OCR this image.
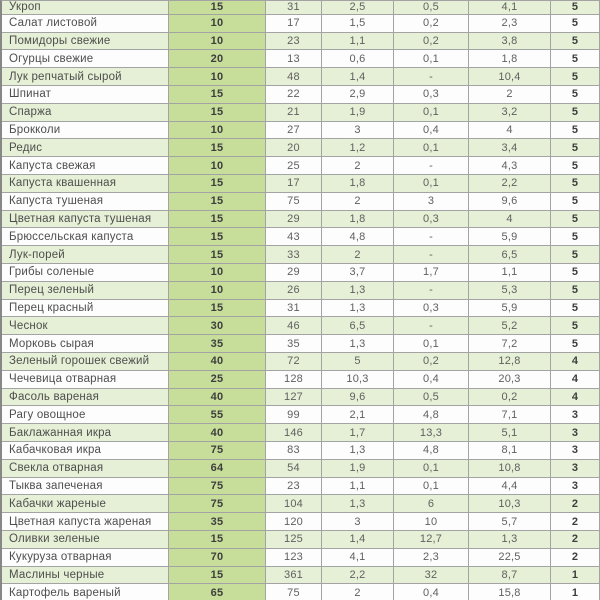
Укроп	15	31	2,5	0,5	4,1	5
Салат листовой	10	17	1,5	0,2	2,3	5
Помидоры свежие	10	23	1,1	0,2	3,8	5
Огурцы свежие	20	13	0,6	0,1	1,8	5
Лук репчатый сырой	10	48	1,4	-	10,4	5
Шпинат	15	22	2,9	0,3	2	5
Спаржа	15	21	1,9	0,1	3,2	5
Брокколи	10	27	3	0,4	4	5
Редис	15	20	1,2	0,1	3,4	5
Капуста свежая	10	25	2	-	4,3	5
Капуста квашенная	15	17	1,8	0,1	2,2	5
Капуста тушеная	15	75	2	3	9,6	5
Цветная капуста тушеная	15	29	1,8	0,3	4	5
Брюссельская капуста	15	43	4,8	-	5,9	5
Лук-порей	15	33	2	-	6,5	5
Грибы соленые	10	29	3,7	1,7	1,1	5
Перец зеленый	10	26	1,3	-	5,3	5
Перец красный	15	31	1,3	0,3	5,9	5
Чеснок	30	46	6,5	-	5,2	5
Морковь сырая	35	35	1,3	0,1	7,2	5
Зеленый горошек свежий	40	72	5	0,2	12,8	4
Чечевица отварная	25	128	10,3	0,4	20,3	4
Фасоль вареная	40	127	9,6	0,5	0,2	4
Рагу овощное	55	99	2,1	4,8	7,1	3
Баклажанная икра	40	146	1,7	13,3	5,1	3
Кабачковая икра	75	83	1,3	4,8	8,1	3
Свекла отварная	64	54	1,9	0,1	10,8	3
Тыква запеченая	75	23	1,1	0,1	4,4	3
Кабачки жареные	75	104	1,3	6	10,3	2
Цветная капуста жареная	35	120	3	10	5,7	2
Оливки зеленые	15	125	1,4	12,7	1,3	2
Кукуруза отварная	70	123	4,1	2,3	22,5	2
Маслины черные	15	361	2,2	32	8,7	1
Картофель вареный	65	75	2	0,4	15,8	1
